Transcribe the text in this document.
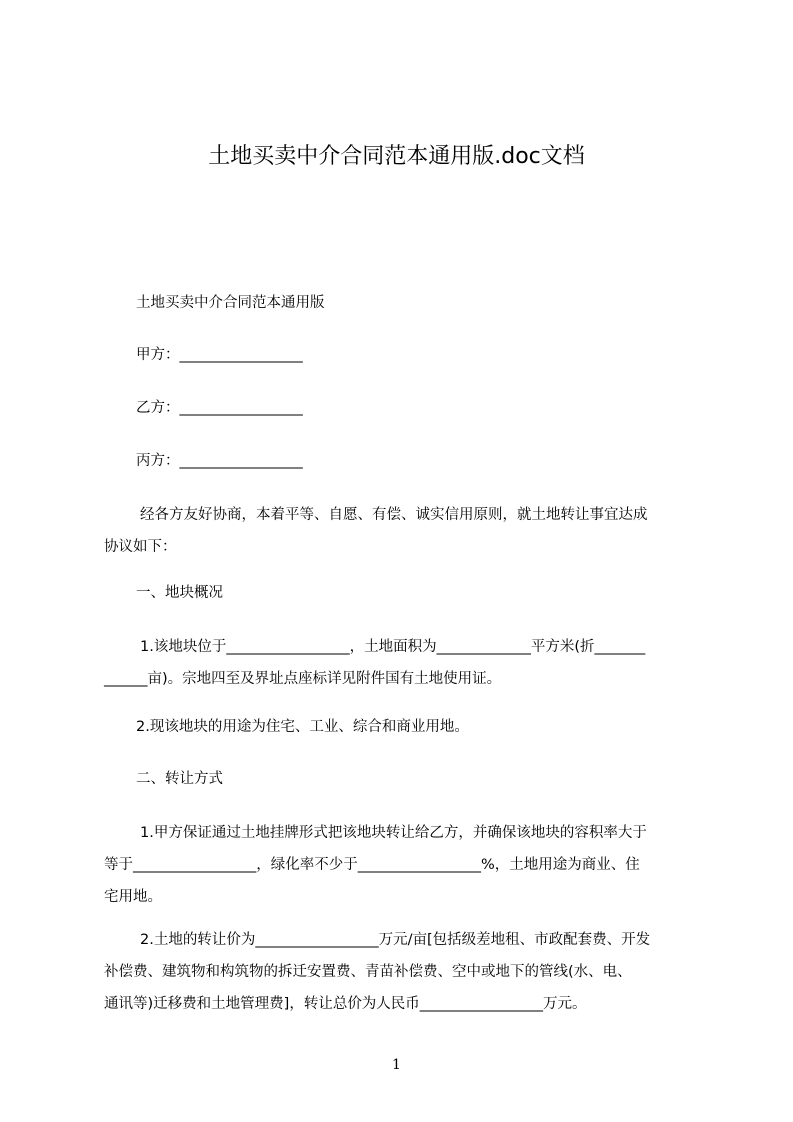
土地买卖中介合同范本通用版.doc文档
土地买卖中介合同范本通用版
甲方：_________________
乙方：_________________
丙方：_________________
经各方友好协商，本着平等、自愿、有偿、诚实信用原则，就土地转让事宜达成
协议如下：
一、地块概况
1.该地块位于_________________，土地面积为_____________平方米(折_______
______亩)。宗地四至及界址点座标详见附件国有土地使用证。
2.现该地块的用途为住宅、工业、综合和商业用地。
二、转让方式
1.甲方保证通过土地挂牌形式把该地块转让给乙方，并确保该地块的容积率大于
等于_________________，绿化率不少于_________________%，土地用途为商业、住
宅用地。
2.土地的转让价为_________________万元/亩[包括级差地租、市政配套费、开发
补偿费、建筑物和构筑物的拆迁安置费、青苗补偿费、空中或地下的管线(水、电、
通讯等)迁移费和土地管理费]，转让总价为人民币_________________万元。
1
